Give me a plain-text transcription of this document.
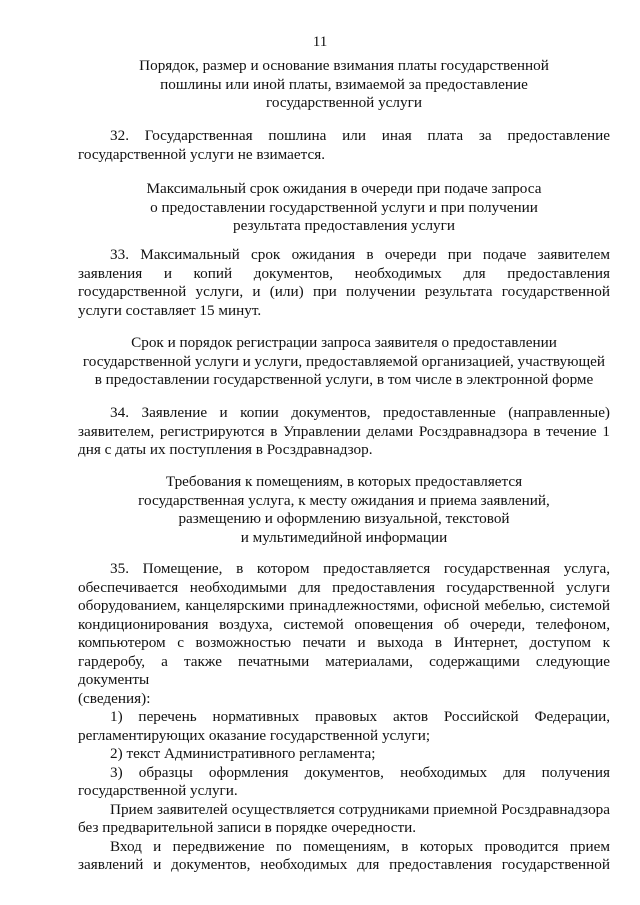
11
Порядок, размер и основание взимания платы государственной
пошлины или иной платы, взимаемой за предоставление
государственной услуги
32. Государственная пошлина или иная плата за предоставление
государственной услуги не взимается.
Максимальный срок ожидания в очереди при подаче запроса
о предоставлении государственной услуги и при получении
результата предоставления услуги
33. Максимальный срок ожидания в очереди при подаче заявителем
заявления и копий документов, необходимых для предоставления
государственной услуги, и (или) при получении результата государственной
услуги составляет 15 минут.
Срок и порядок регистрации запроса заявителя о предоставлении
государственной услуги и услуги, предоставляемой организацией, участвующей
в предоставлении государственной услуги, в том числе в электронной форме
34. Заявление и копии документов, предоставленные (направленные)
заявителем, регистрируются в Управлении делами Росздравнадзора в течение 1
дня с даты их поступления в Росздравнадзор.
Требования к помещениям, в которых предоставляется
государственная услуга, к месту ожидания и приема заявлений,
размещению и оформлению визуальной, текстовой
и мультимедийной информации
35. Помещение, в котором предоставляется государственная услуга,
обеспечивается необходимыми для предоставления государственной услуги
оборудованием, канцелярскими принадлежностями, офисной мебелью, системой
кондиционирования воздуха, системой оповещения об очереди, телефоном,
компьютером с возможностью печати и выхода в Интернет, доступом к
гардеробу, а также печатными материалами, содержащими следующие документы
(сведения):
1) перечень нормативных правовых актов Российской Федерации,
регламентирующих оказание государственной услуги;
2) текст Административного регламента;
3) образцы оформления документов, необходимых для получения
государственной услуги.
Прием заявителей осуществляется сотрудниками приемной Росздравнадзора
без предварительной записи в порядке очередности.
Вход и передвижение по помещениям, в которых проводится прием
заявлений и документов, необходимых для предоставления государственной
